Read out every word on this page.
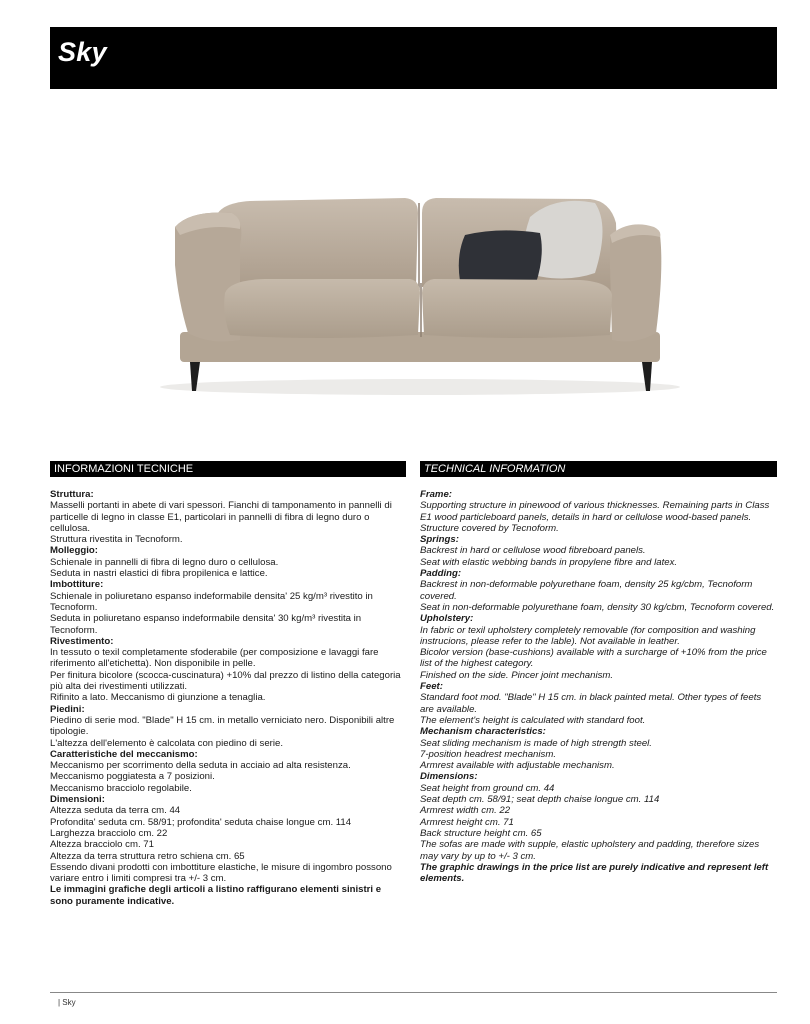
Sky
INFORMAZIONI TECNICHE

Struttura:

Masselli portanti in abete di vari spessori. Fianchi di tamponamento in pannelli di particelle di legno in classe E1, particolari in pannelli di fibra di legno duro o cellulosa.

Struttura rivestita in Tecnoform.

Molleggio:

Schienale in pannelli di fibra di legno duro o cellulosa.

Seduta in nastri elastici di fibra propilenica e lattice.

Imbottiture:

Schienale in poliuretano espanso indeformabile densita' 25 kg/m³ rivestito in Tecnoform.

Seduta in poliuretano espanso indeformabile densita' 30 kg/m³ rivestita in Tecnoform.

Rivestimento:

In tessuto o texil completamente sfoderabile (per composizione e lavaggi fare riferimento all'etichetta). Non disponibile in pelle.

Per finitura bicolore (scocca-cuscinatura) +10% dal prezzo di listino della categoria più alta dei rivestimenti utilizzati.

Rifinito a lato. Meccanismo di giunzione a tenaglia.

Piedini:

Piedino di serie mod. "Blade" H 15 cm. in metallo verniciato nero. Disponibili altre tipologie.

L'altezza dell'elemento è calcolata con piedino di serie.

Caratteristiche del meccanismo:

Meccanismo per scorrimento della seduta in acciaio ad alta resistenza.

Meccanismo poggiatesta a 7 posizioni.

Meccanismo bracciolo regolabile.

Dimensioni:

Altezza seduta da terra cm. 44

Profondita' seduta cm. 58/91; profondita' seduta chaise longue cm. 114

Larghezza bracciolo cm. 22

Altezza bracciolo cm. 71

Altezza da terra struttura retro schiena cm. 65

Essendo divani prodotti con imbottiture elastiche, le misure di ingombro possono variare entro i limiti compresi tra +/- 3 cm.

Le immagini grafiche degli articoli a listino raffigurano elementi sinistri e sono puramente indicative.

TECHNICAL INFORMATION

Frame:

Supporting structure in pinewood of various thicknesses. Remaining parts in Class E1 wood particleboard panels, details in hard or cellulose wood-based panels.

Structure covered by Tecnoform.

Springs:

Backrest in hard or cellulose wood fibreboard panels.

Seat with elastic webbing bands in propylene fibre and latex.

Padding:

Backrest in non-deformable polyurethane foam, density 25 kg/cbm, Tecnoform covered.

Seat in non-deformable polyurethane foam, density 30 kg/cbm, Tecnoform covered.

Upholstery:

In fabric or texil upholstery completely removable (for composition and washing instrucions, please refer to the lable). Not available in leather.

Bicolor version (base-cushions) available with a surcharge of +10% from the price list of the highest category.

Finished on the side. Pincer joint mechanism.

Feet:

Standard foot mod. "Blade" H 15 cm. in black painted metal. Other types of feets are available.

The element's height is calculated with standard foot.

Mechanism characteristics:

Seat sliding mechanism is made of high strength steel.

7-position headrest mechanism.

Armrest available with adjustable mechanism.

Dimensions:

Seat height from ground cm. 44

Seat depth cm. 58/91; seat depth chaise longue cm. 114

Armrest width cm. 22

Armrest height cm. 71

Back structure height cm. 65

The sofas are made with supple, elastic upholstery and padding, therefore sizes may vary by up to +/- 3 cm.

The graphic drawings in the price list are purely indicative and represent left elements.

| Sky
